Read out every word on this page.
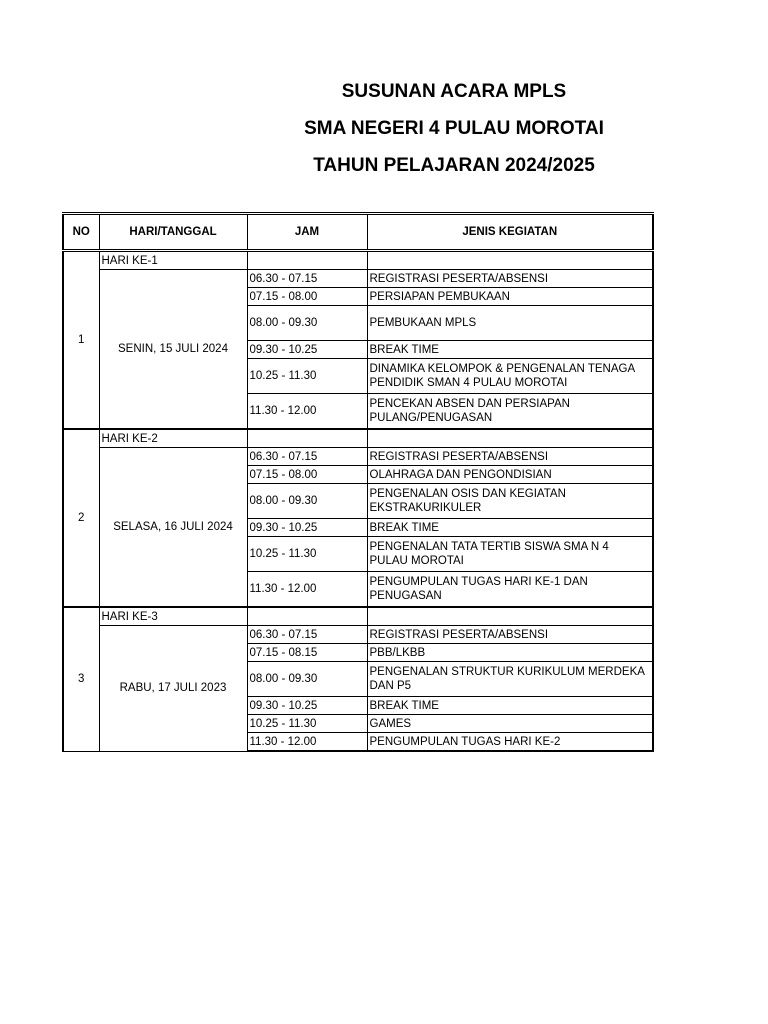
SUSUNAN ACARA MPLS
SMA NEGERI 4 PULAU MOROTAI
TAHUN PELAJARAN 2024/2025
NO	HARI/TANGGAL	JAM	JENIS KEGIATAN
1	HARI KE-1		
	SENIN, 15 JULI 2024	06.30 - 07.15	REGISTRASI PESERTA/ABSENSI
		07.15 - 08.00	PERSIAPAN PEMBUKAAN
		08.00 - 09.30	PEMBUKAAN MPLS
		09.30 - 10.25	BREAK TIME
		10.25 - 11.30	DINAMIKA KELOMPOK & PENGENALAN TENAGA PENDIDIK SMAN 4 PULAU MOROTAI
		11.30 - 12.00	PENCEKAN ABSEN DAN PERSIAPAN PULANG/PENUGASAN
2	HARI KE-2		
	SELASA, 16 JULI 2024	06.30 - 07.15	REGISTRASI PESERTA/ABSENSI
		07.15 - 08.00	OLAHRAGA DAN PENGONDISIAN
		08.00 - 09.30	PENGENALAN OSIS DAN KEGIATAN EKSTRAKURIKULER
		09.30 - 10.25	BREAK TIME
		10.25 - 11.30	PENGENALAN TATA TERTIB SISWA SMA N 4 PULAU MOROTAI
		11.30 - 12.00	PENGUMPULAN TUGAS HARI KE-1 DAN PENUGASAN
3	HARI KE-3		
	RABU, 17 JULI 2023	06.30 - 07.15	REGISTRASI PESERTA/ABSENSI
		07.15 - 08.15	PBB/LKBB
		08.00 - 09.30	PENGENALAN STRUKTUR KURIKULUM MERDEKA DAN P5
		09.30 - 10.25	BREAK TIME
		10.25 - 11.30	GAMES
		11.30 - 12.00	PENGUMPULAN TUGAS HARI KE-2
